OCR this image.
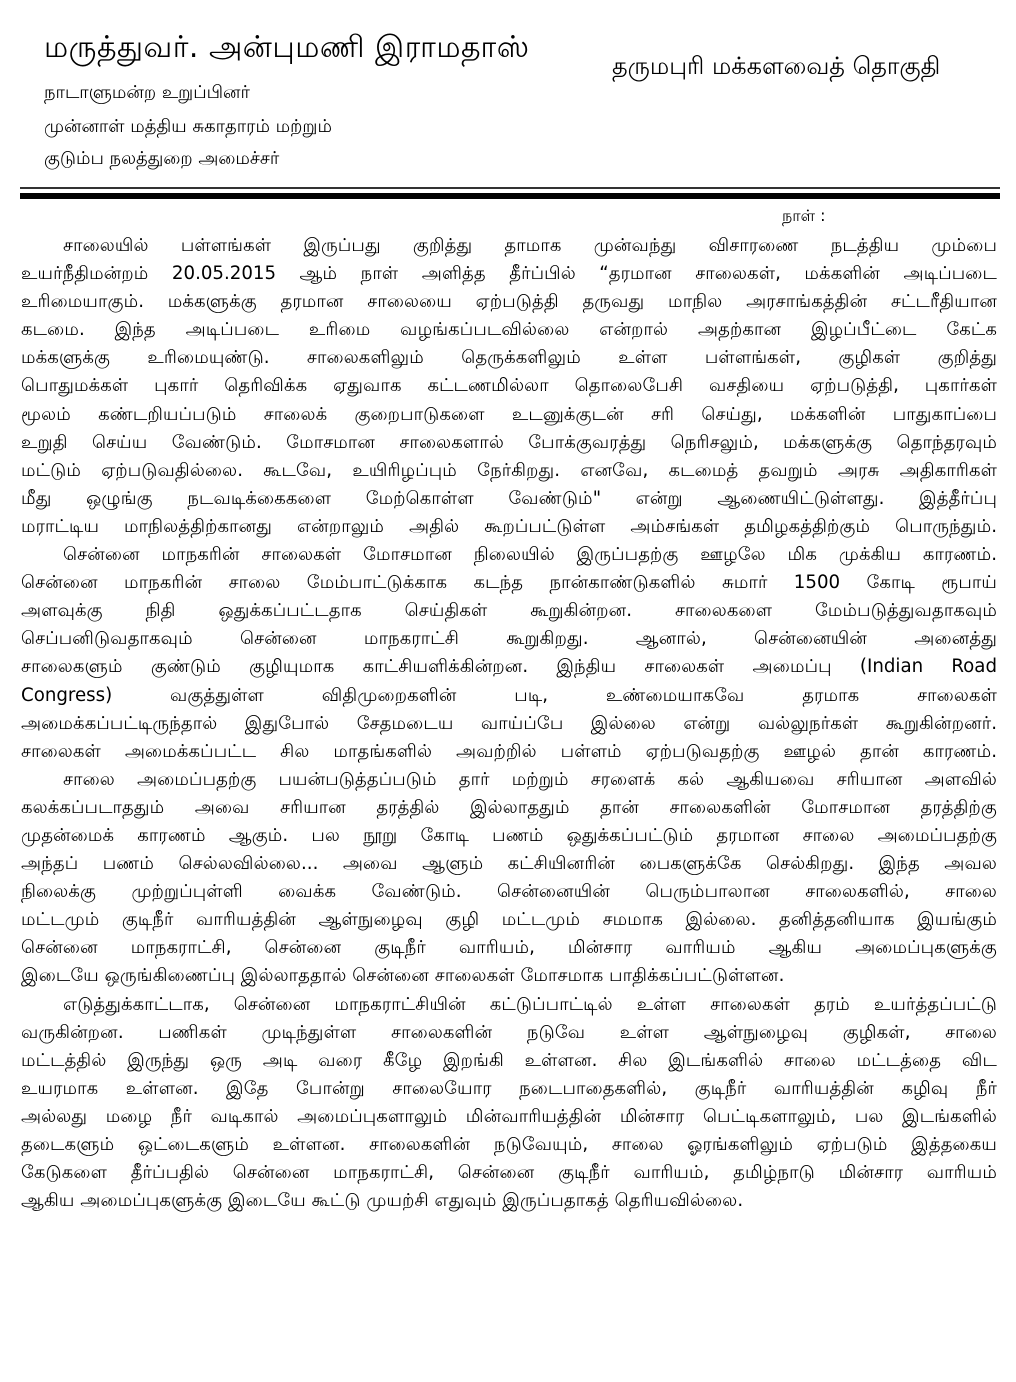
மருத்துவர். அன்புமணி இராமதாஸ்
தருமபுரி மக்களவைத் தொகுதி
நாடாளுமன்ற உறுப்பினர்
முன்னாள் மத்திய சுகாதாரம் மற்றும்
குடும்ப நலத்துறை அமைச்சர்
நாள் :
சாலையில் பள்ளங்கள் இருப்பது குறித்து தாமாக முன்வந்து விசாரணை நடத்திய மும்பை
உயர்நீதிமன்றம் 20.05.2015 ஆம் நாள் அளித்த தீர்ப்பில் “தரமான சாலைகள், மக்களின் அடிப்படை
உரிமையாகும். மக்களுக்கு தரமான சாலையை ஏற்படுத்தி தருவது மாநில அரசாங்கத்தின் சட்டரீதியான
கடமை. இந்த அடிப்படை உரிமை வழங்கப்படவில்லை என்றால் அதற்கான இழப்பீட்டை கேட்க
மக்களுக்கு உரிமையுண்டு. சாலைகளிலும் தெருக்களிலும் உள்ள பள்ளங்கள், குழிகள் குறித்து
பொதுமக்கள் புகார் தெரிவிக்க ஏதுவாக கட்டணமில்லா தொலைபேசி வசதியை ஏற்படுத்தி, புகார்கள்
மூலம் கண்டறியப்படும் சாலைக் குறைபாடுகளை உடனுக்குடன் சரி செய்து, மக்களின் பாதுகாப்பை
உறுதி செய்ய வேண்டும். மோசமான சாலைகளால் போக்குவரத்து நெரிசலும், மக்களுக்கு தொந்தரவும்
மட்டும் ஏற்படுவதில்லை. கூடவே, உயிரிழப்பும் நேர்கிறது. எனவே, கடமைத் தவறும் அரசு அதிகாரிகள்
மீது ஒழுங்கு நடவடிக்கைகளை மேற்கொள்ள வேண்டும்" என்று ஆணையிட்டுள்ளது. இத்தீர்ப்பு
மராட்டிய மாநிலத்திற்கானது என்றாலும் அதில் கூறப்பட்டுள்ள அம்சங்கள் தமிழகத்திற்கும் பொருந்தும்.
சென்னை மாநகரின் சாலைகள் மோசமான நிலையில் இருப்பதற்கு ஊழலே மிக முக்கிய காரணம்.
சென்னை மாநகரின் சாலை மேம்பாட்டுக்காக கடந்த நான்காண்டுகளில் சுமார் 1500 கோடி ரூபாய்
அளவுக்கு நிதி ஒதுக்கப்பட்டதாக செய்திகள் கூறுகின்றன. சாலைகளை மேம்படுத்துவதாகவும்
செப்பனிடுவதாகவும் சென்னை மாநகராட்சி கூறுகிறது. ஆனால், சென்னையின் அனைத்து
சாலைகளும் குண்டும் குழியுமாக காட்சியளிக்கின்றன. இந்திய சாலைகள் அமைப்பு (Indian Road
Congress) வகுத்துள்ள விதிமுறைகளின் படி, உண்மையாகவே தரமாக சாலைகள்
அமைக்கப்பட்டிருந்தால் இதுபோல் சேதமடைய வாய்ப்பே இல்லை என்று வல்லுநர்கள் கூறுகின்றனர்.
சாலைகள் அமைக்கப்பட்ட சில மாதங்களில் அவற்றில் பள்ளம் ஏற்படுவதற்கு ஊழல் தான் காரணம்.
சாலை அமைப்பதற்கு பயன்படுத்தப்படும் தார் மற்றும் சரளைக் கல் ஆகியவை சரியான அளவில்
கலக்கப்படாததும் அவை சரியான தரத்தில் இல்லாததும் தான் சாலைகளின் மோசமான தரத்திற்கு
முதன்மைக் காரணம் ஆகும். பல நூறு கோடி பணம் ஒதுக்கப்பட்டும் தரமான சாலை அமைப்பதற்கு
அந்தப் பணம் செல்லவில்லை... அவை ஆளும் கட்சியினரின் பைகளுக்கே செல்கிறது. இந்த அவல
நிலைக்கு முற்றுப்புள்ளி வைக்க வேண்டும். சென்னையின் பெரும்பாலான சாலைகளில், சாலை
மட்டமும் குடிநீர் வாரியத்தின் ஆள்நுழைவு குழி மட்டமும் சமமாக இல்லை. தனித்தனியாக இயங்கும்
சென்னை மாநகராட்சி, சென்னை குடிநீர் வாரியம், மின்சார வாரியம் ஆகிய அமைப்புகளுக்கு
இடையே ஒருங்கிணைப்பு இல்லாததால் சென்னை சாலைகள் மோசமாக பாதிக்கப்பட்டுள்ளன.
எடுத்துக்காட்டாக, சென்னை மாநகராட்சியின் கட்டுப்பாட்டில் உள்ள சாலைகள் தரம் உயர்த்தப்பட்டு
வருகின்றன. பணிகள் முடிந்துள்ள சாலைகளின் நடுவே உள்ள ஆள்நுழைவு குழிகள், சாலை
மட்டத்தில் இருந்து ஒரு அடி வரை கீழே இறங்கி உள்ளன. சில இடங்களில் சாலை மட்டத்தை விட
உயரமாக உள்ளன. இதே போன்று சாலையோர நடைபாதைகளில், குடிநீர் வாரியத்தின் கழிவு நீர்
அல்லது மழை நீர் வடிகால் அமைப்புகளாலும் மின்வாரியத்தின் மின்சார பெட்டிகளாலும், பல இடங்களில்
தடைகளும் ஒட்டைகளும் உள்ளன. சாலைகளின் நடுவேயும், சாலை ஓரங்களிலும் ஏற்படும் இத்தகைய
கேடுகளை தீர்ப்பதில் சென்னை மாநகராட்சி, சென்னை குடிநீர் வாரியம், தமிழ்நாடு மின்சார வாரியம்
ஆகிய அமைப்புகளுக்கு இடையே கூட்டு முயற்சி எதுவும் இருப்பதாகத் தெரியவில்லை.
